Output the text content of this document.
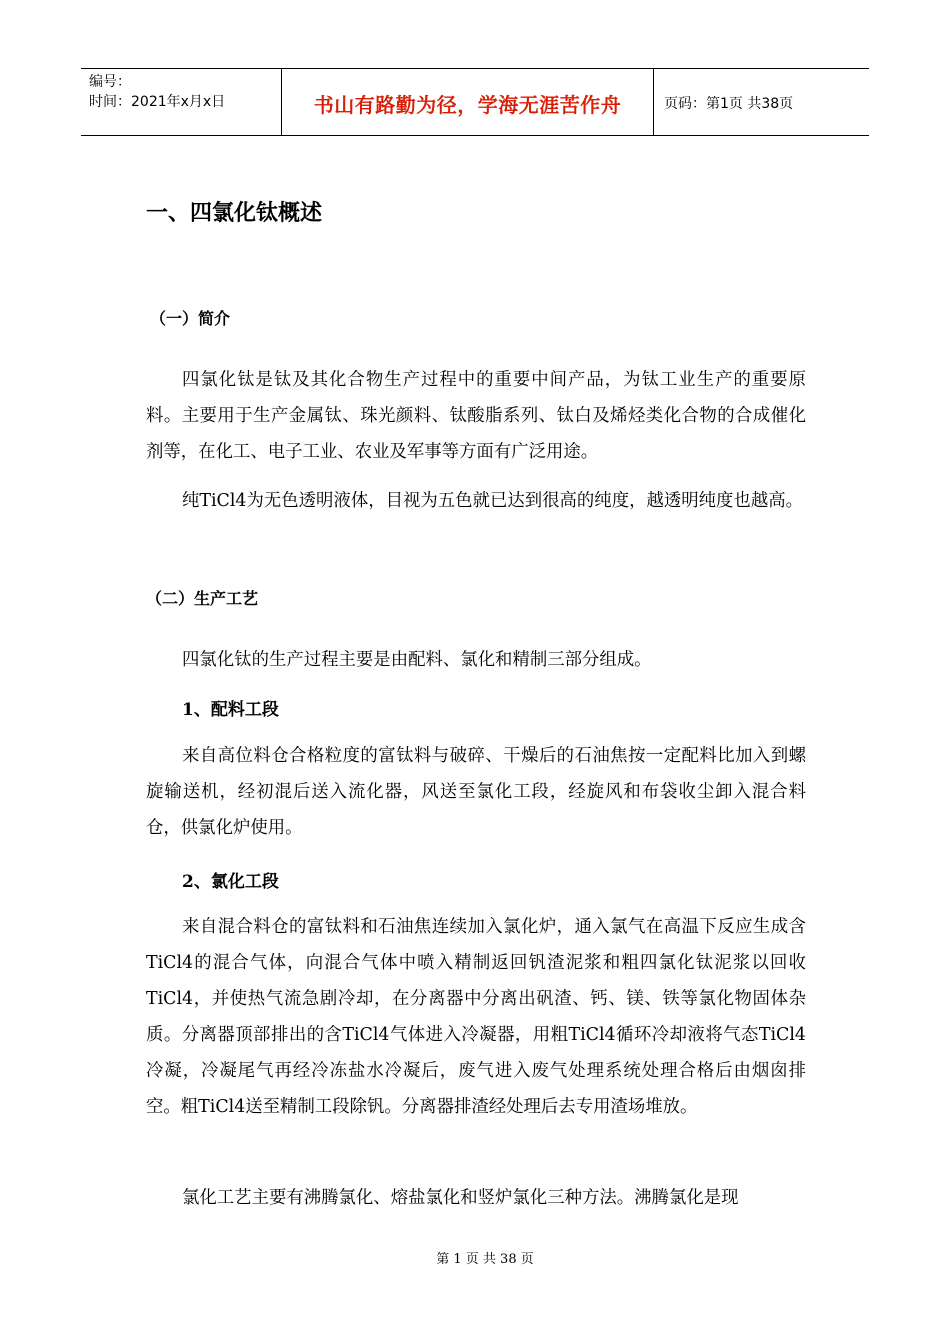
编号：
时间：2021年x月x日	书山有路勤为径，学海无涯苦作舟	页码：第1页 共38页
一、四氯化钛概述
（一）简介

四氯化钛是钛及其化合物生产过程中的重要中间产品，为钛工业生产的重要原料。主要用于生产金属钛、珠光颜料、钛酸脂系列、钛白及烯烃类化合物的合成催化剂等，在化工、电子工业、农业及军事等方面有广泛用途。

纯TiCl4为无色透明液体，目视为五色就已达到很高的纯度，越透明纯度也越高。

（二）生产工艺

四氯化钛的生产过程主要是由配料、氯化和精制三部分组成。

1、配料工段

来自高位料仓合格粒度的富钛料与破碎、干燥后的石油焦按一定配料比加入到螺旋输送机，经初混后送入流化器，风送至氯化工段，经旋风和布袋收尘卸入混合料仓，供氯化炉使用。

2、氯化工段

来自混合料仓的富钛料和石油焦连续加入氯化炉，通入氯气在高温下反应生成含TiCl4的混合气体，向混合气体中喷入精制返回钒渣泥浆和粗四氯化钛泥浆以回收TiCl4，并使热气流急剧冷却，在分离器中分离出矾渣、钙、镁、铁等氯化物固体杂质。分离器顶部排出的含TiCl4气体进入冷凝器，用粗TiCl4循环冷却液将气态TiCl4冷凝，冷凝尾气再经冷冻盐水冷凝后，废气进入废气处理系统处理合格后由烟囱排空。粗TiCl4送至精制工段除钒。分离器排渣经处理后去专用渣场堆放。

氯化工艺主要有沸腾氯化、熔盐氯化和竖炉氯化三种方法。沸腾氯化是现

第 1 页 共 38 页
